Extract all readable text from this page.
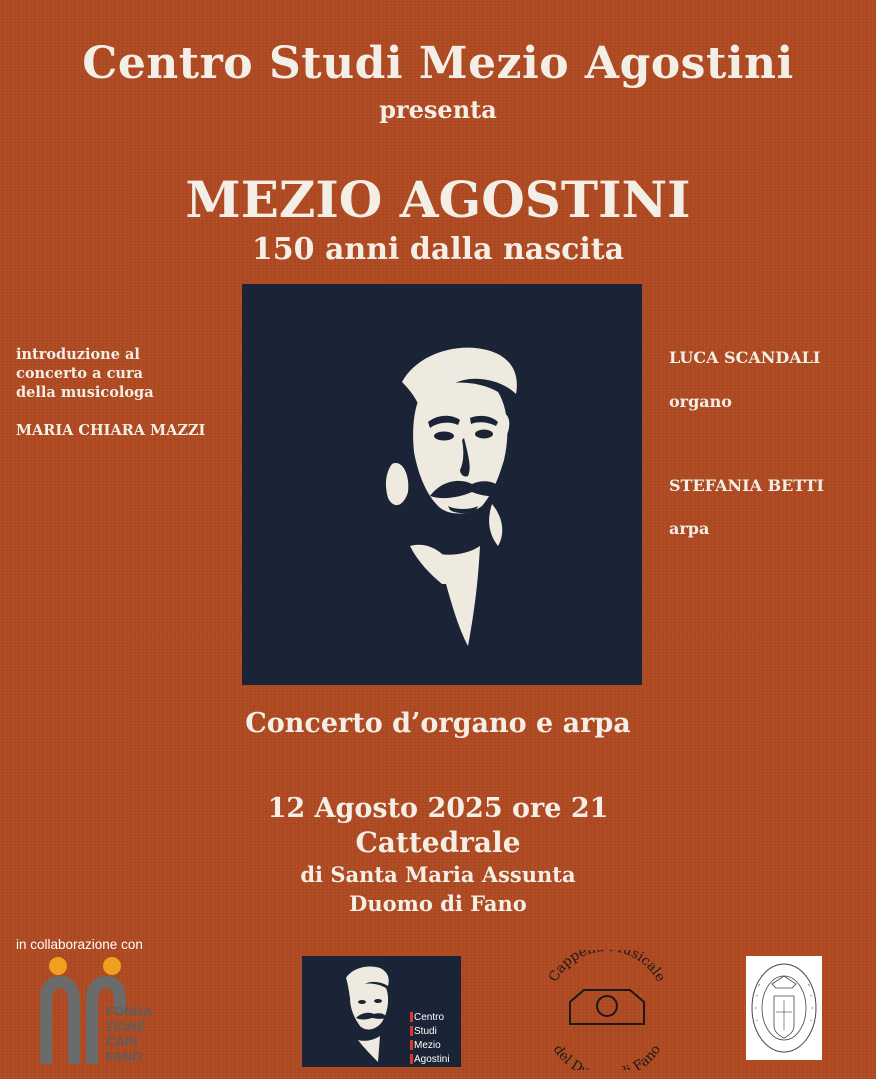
Centro Studi Mezio Agostini
presenta
MEZIO AGOSTINI
150 anni dalla nascita
introduzione al
concerto a cura
della musicologa
MARIA CHIARA MAZZI
LUCA SCANDALI
organo
STEFANIA BETTI
arpa
Concerto d’organo e arpa
12 Agosto 2025 ore 21
Cattedrale
di Santa Maria Assunta
Duomo di Fano
in collaborazione con
FONDA
ZIONE
CARI
FANO
Centro
Studi
Mezio
Agostini
Cappe usicale
del D Fano
